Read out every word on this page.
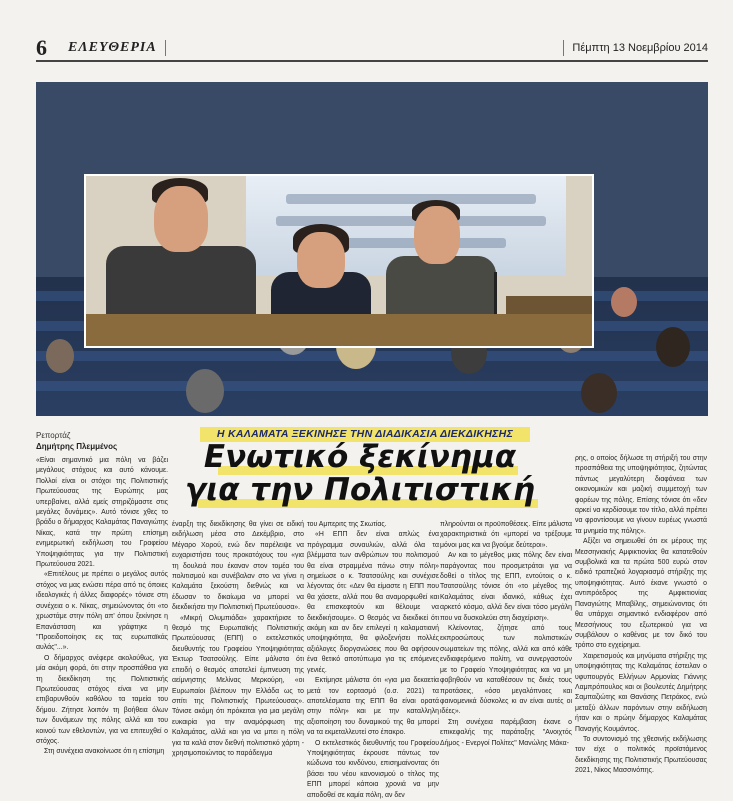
6	ΕΛΕΥΘΕΡΙΑ	Πέμπτη 13 Νοεμβρίου 2014
Η ΚΑΛΑΜΑΤΑ ΞΕΚΙΝΗΣΕ ΤΗΝ ΔΙΑΔΙΚΑΣΙΑ ΔΙΕΚΔΙΚΗΣΗΣ
Ρεπορτάζ
Δημήτρης Πλεμμένος	Ενωτικό ξεκίνημα
για την Πολιτιστική

«Είναι σημαντικό μια πόλη να βάζει μεγάλους στόχους και αυτό κάνουμε. Πολλοί είναι οι στόχοι της Πολιτιστικής Πρωτεύουσας της Ευρώπης μας υπερβαίνει, αλλά εμείς στηριζόμαστε στις μεγάλες δυνάμεις». Αυτό τόνισε χθες το βράδυ ο δήμαρχος Καλαμάτας Παναγιώτης Νίκας, κατά την πρώτη επίσημη ενημερωτική εκδήλωση του Γραφείου Υποψηφιότητας για την Πολιτιστική Πρωτεύουσα 2021.

«Επιτέλους με πρέπει ο μεγάλος αυτός στόχος να μας ενώσει πέρα από τις όποιες ιδεολογικές ή άλλες διαφορές» τόνισε στη συνέχεια ο κ. Νίκας, σημειώνοντας ότι «το χρωστάμε στην πόλη απ' όπου ξεκίνησε η Επανάσταση και γράφτηκε η "Προειδοποίησις εις τας ευρωπαϊκάς αυλάς"...».

Ο δήμαρχος ανέφερε ακολούθως, για μία ακόμη φορά, ότι στην προσπάθεια για τη διεκδίκηση της Πολιτιστικής Πρωτεύουσας στόχος είναι να μην επιβαρυνθούν καθόλου τα ταμεία του δήμου. Ζήτησε λοιπόν τη βοήθεια όλων των δυνάμεων της πόλης αλλά και του κοινού των εθελοντών, για να επιτευχθεί ο στόχος.

Στη συνέχεια ανακοίνωσε ότι η επίσημη

έναρξη της διεκδίκησης θα γίνει σε ειδική εκδήλωση μέσα στο Δεκέμβριο, στο Μέγαρο Χορού, ενώ δεν παρέλειψε να ευχαριστήσει τους προκατόχους του «για τη δουλειά που έκαναν στον τομέα του πολιτισμού και συνέβαλαν στο να γίνει η Καλαμάτα ξεκούστη διεθνώς και να έδωσαν το δικαίωμα να μπορεί να διεκδικήσει την Πολιτιστική Πρωτεύουσα».

«Μικρή Ολυμπιάδα» χαρακτήρισε το θεσμό της Ευρωπαϊκής Πολιτιστικής Πρωτεύουσας (ΕΠΠ) ο εκτελεστικός διευθυντής του Γραφείου Υποψηφιότητας Έκτωρ Τσατσούλης. Είπε μάλιστα ότι επειδή ο θεσμός αποτελεί έμπνευση της αείμνηστης Μελίνας Μερκούρη, «οι Ευρωπαίοι βλέπουν την Ελλάδα ως το σπίτι της Πολιτιστικής Πρωτεύουσας». Τόνισε ακόμη ότι πρόκειται για μια μεγάλη ευκαιρία για την αναμόρφωση της Καλαμάτας, αλλά και για να μπει η πόλη για τα καλά στον διεθνή πολιτιστικό χάρτη - χρησιμοποιώντας το παράδειγμα

του Αμπεριτς της Σκωτίας.

«Η ΕΠΠ δεν είναι απλώς ένα πρόγραμμα συναυλιών, αλλά όλα τα βλέμματα των ανθρώπων του πολιτισμού θα είναι στραμμένα πάνω στην πόλη» σημείωσε ο κ. Τσατσούλης και συνέχισε λέγοντας ότι: «Δεν θα είμαστε η ΕΠΠ που θα χάσετε, αλλά που θα αναμορφωθεί και θα επισκεφτούν και θέλουμε να διεκδικήσουμε». Ο θεσμός να διεκδικεί ότι ακόμη και αν δεν επιλεγεί η καλαματιανή υποψηφιότητα, θα φιλοξενήσει πολλές αξιόλογες διοργανώσεις που θα αφήσουν ένα θετικό αποτύπωμα για τις επόμενες γενιές.

Εκτίμησε μάλιστα ότι «για μια δεκαετία μετά τον εορτασμό (ο.σ. 2021) τα αποτελέσματα της ΕΠΠ θα είναι ορατά στην πόλη» και με την καταλληλη αξιοποίηση του δυναμικού της θα μπορεί να τα εκμεταλλευτεί στο έπακρο.

Ο εκτελεστικός διευθυντής του Γραφείου Υποψηφιότητας έκρουσε πάντως τον κώδωνα του κινδύνου, επισημαίνοντας ότι βάσει του νέου κανονισμού ο τίτλος της ΕΠΠ μπορεί κάποια χρονιά να μην αποδοθεί σε καμία πόλη, αν δεν

πληρούνται οι προϋποθέσεις. Είπε μάλιστα χαρακτηριστικά ότι «μπορεί να τρέξουμε μόνοι μας και να βγούμε δεύτεροι».

Αν και το μέγεθος μιας πόλης δεν είναι παράγοντας που προσμετράται για να δοθεί ο τίτλος της ΕΠΠ, εντούτοις ο κ. Τσατσούλης τόνισε ότι «το μέγεθος της Καλαμάτας είναι ιδανικό, κάθως έχει αρκετό κόσμο, αλλά δεν είναι τόσο μεγάλη που να δυσκολεύει στη διαχείριση».

Κλείνοντας, ζήτησε από τους εκπροσώπους των πολιτιστικών σωματείων της πόλης, αλλά και από κάθε ενδιαφερόμενο πολίτη, να συνεργαστούν με το Γραφείο Υποψηφιότητας και να μη φοβηθούν να καταθέσουν τις δικές τους προτάσεις, «όσο μεγαλόπνοες και φαινομενικά δύσκολες κι αν είναι αυτές οι ιδέες».

Στη συνέχεια παρέμβαση έκανε ο επικεφαλής της παράταξης "Ανοιχτός Δήμος - Ενεργοί Πολίτες" Μανώλης Μάκα-

ρης, ο οποίος δήλωσε τη στήριξή του στην προσπάθεια της υποψηφιότητας, ζητώντας πάντως μεγαλύτερη διαφάνεια των οικονομικών και μαζική συμμετοχή των φορέων της πόλης. Επίσης τόνισε ότι «δεν αρκεί να κερδίσουμε τον τίτλο, αλλά πρέπει να φροντίσουμε να γίνουν ευρέως γνωστά τα μνημεία της πόλης».

Αξίζει να σημειωθεί ότι εκ μέρους της Μεσσηνιακής Αμφικτιονίας θα κατατεθούν συμβολικά και τα πρώτα 500 ευρώ στον ειδικό τραπεζικό λογαριασμό στήριξης της υποψηφιότητας. Αυτό έκανε γνωστό ο αντιπρόεδρος της Αμφικτιονίας Παναγιώτης Μπαβίλης, σημειώνοντας ότι θα υπάρχει σημαντικό ενδιαφέρον από Μεσσήνιους του εξωτερικού για να συμβάλουν ο καθένας με τον δικό του τρόπο στο εγχείρημα.

Χαιρετισμούς και μηνύματα στήριξης της υποψηφιότητας της Καλαμάτας έστειλαν ο υφυπουργός Ελλήνων Αρμονίας Γιάννης Λαμπρόπουλος και οι βουλευτές Δημήτρης Σαμπαζιώτης και Θανάσης Πετράκος, ενώ μεταξύ άλλων παρόντων στην εκδήλωση ήταν και ο πρώην δήμαρχος Καλαμάτας Παναγής Κουμάντος.

Το συντονισμό της χθεσινής εκδήλωσης τον είχε ο πολιτικός προϊστάμενος διεκδίκησης της Πολιτιστικής Πρωτεύουσας 2021, Νίκος Μασσινόπης.
